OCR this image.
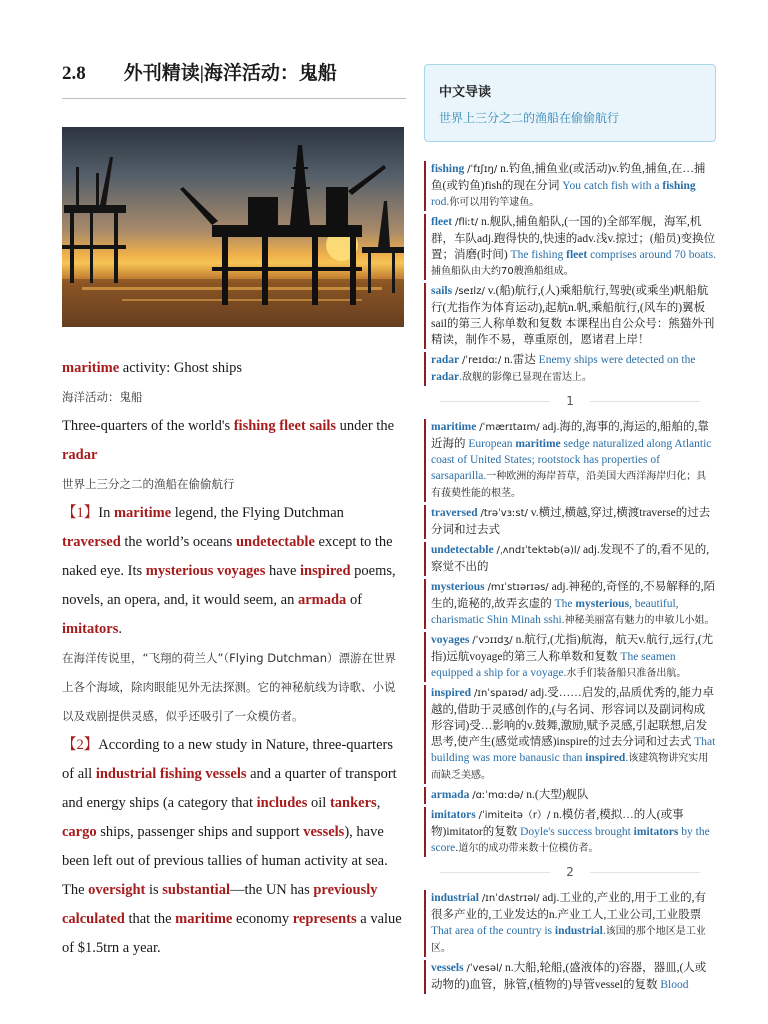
2.8 外刊精读|海洋活动：鬼船
maritime activity: Ghost ships
海洋活动：鬼船
Three-quarters of the world's fishing fleet sails under the radar
世界上三分之二的渔船在偷偷航行
【1】In maritime legend, the Flying Dutchman traversed the world’s oceans undetectable except to the naked eye. Its mysterious voyages have inspired poems, novels, an opera, and, it would seem, an armada of imitators.
在海洋传说里，“飞翔的荷兰人”（Flying Dutchman）漂游在世界上各个海域，除肉眼能见外无法探测。它的神秘航线为诗歌、小说以及戏剧提供灵感，似乎还吸引了一众模仿者。
【2】According to a new study in Nature, three-quarters of all industrial fishing vessels and a quarter of transport and energy ships (a category that includes oil tankers, cargo ships, passenger ships and support vessels), have been left out of previous tallies of human activity at sea. The oversight is substantial—the UN has previously calculated that the maritime economy represents a value of $1.5trn a year.
中文导读
世界上三分之二的渔船在偷偷航行
fishing /ˈfɪʃɪŋ/ n.钓鱼,捕鱼业(或活动)v.钓鱼,捕鱼,在…捕鱼(或钓鱼)fish的现在分词 You catch fish with a fishing rod.你可以用钓竿逮鱼。
fleet /fliːt/ n.舰队,捕鱼船队,(一国的)全部军舰，海军,机群，车队adj.跑得快的,快速的adv.浅v.掠过；(船员)变换位置；消磨(时间) The fishing fleet comprises around 70 boats.捕鱼船队由大约70艘渔船组成。
sails /seɪlz/ v.(船)航行,(人)乘船航行,驾驶(或乘坐)帆船航行(尤指作为体育运动),起航n.帆,乘船航行,(风车的)翼板sail的第三人称单数和复数 本课程出自公众号：熊猫外刊精读，制作不易，尊重原创，愿诸君上岸！
radar /ˈreɪdɑː/ n.雷达 Enemy ships were detected on the radar.敌舰的影像已显现在雷达上。
1
maritime /ˈmærɪtaɪm/ adj.海的,海事的,海运的,船舶的,靠近海的 European maritime sedge naturalized along Atlantic coast of United States; rootstock has properties of sarsaparilla.一种欧洲的海岸苔草，沿美国大西洋海岸归化；具有菝葜性能的根茎。
traversed /trəˈvɜːst/ v.横过,横越,穿过,横渡traverse的过去分词和过去式
undetectable /ˌʌndɪˈtektəb(ə)l/ adj.发现不了的,看不见的,察觉不出的
mysterious /mɪˈstɪərɪəs/ adj.神秘的,奇怪的,不易解释的,陌生的,诡秘的,故弄玄虚的 The mysterious, beautiful, charismatic Shin Minah sshi.神秘美丽富有魅力的申敏儿小姐。
voyages /ˈvɔɪɪdʒ/ n.航行,(尤指)航海，航天v.航行,远行,(尤指)远航voyage的第三人称单数和复数 The seamen equipped a ship for a voyage.水手们装备船只准备出航。
inspired /ɪnˈspaɪəd/ adj.受……启发的,品质优秀的,能力卓越的,借助于灵感创作的,(与名词、形容词以及副词构成形容词)受…影响的v.鼓舞,激励,赋予灵感,引起联想,启发思考,使产生(感觉或情感)inspire的过去分词和过去式 That building was more banausic than inspired.该建筑物讲究实用而缺乏美感。
armada /ɑːˈmɑːdə/ n.(大型)舰队
imitators /ˈimiteitə（r）/ n.模仿者,模拟…的人(或事物)imitator的复数 Doyle's success brought imitators by the score.道尔的成功带来数十位模仿者。
2
industrial /ɪnˈdʌstrɪəl/ adj.工业的,产业的,用于工业的,有很多产业的,工业发达的n.产业工人,工业公司,工业股票 That area of the country is industrial.该国的那个地区是工业区。
vessels /ˈvesəl/ n.大船,轮船,(盛液体的)容器，器皿,(人或动物的)血管，脉管,(植物的)导管vessel的复数 Blood
